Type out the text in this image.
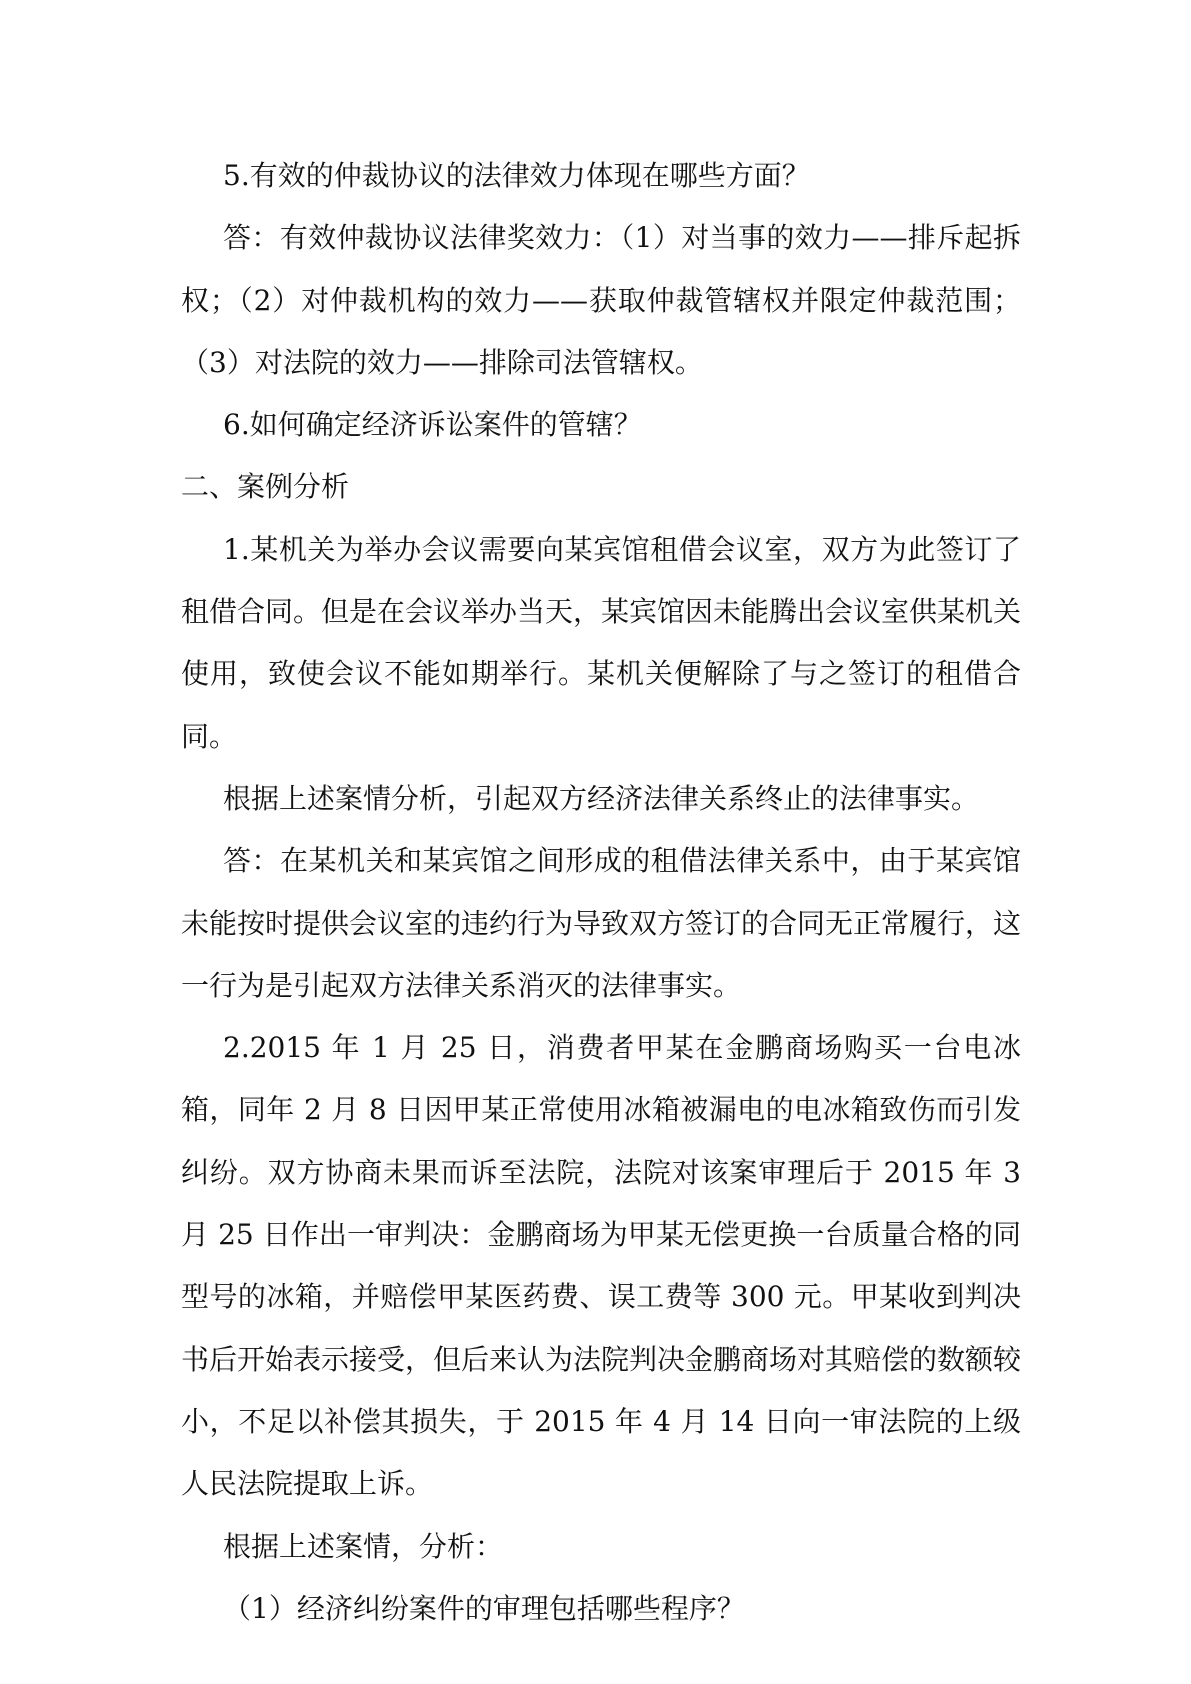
5.有效的仲裁协议的法律效力体现在哪些方面？

答：有效仲裁协议法律奖效力：（1）对当事的效力——排斥起拆权；（2）对仲裁机构的效力——获取仲裁管辖权并限定仲裁范围；（3）对法院的效力——排除司法管辖权。

6.如何确定经济诉讼案件的管辖？

二、案例分析

1.某机关为举办会议需要向某宾馆租借会议室，双方为此签订了租借合同。但是在会议举办当天，某宾馆因未能腾出会议室供某机关使用，致使会议不能如期举行。某机关便解除了与之签订的租借合同。

根据上述案情分析，引起双方经济法律关系终止的法律事实。

答：在某机关和某宾馆之间形成的租借法律关系中，由于某宾馆未能按时提供会议室的违约行为导致双方签订的合同无正常履行，这一行为是引起双方法律关系消灭的法律事实。

2.2015 年 1 月 25 日，消费者甲某在金鹏商场购买一台电冰箱，同年 2 月 8 日因甲某正常使用冰箱被漏电的电冰箱致伤而引发纠纷。双方协商未果而诉至法院，法院对该案审理后于 2015 年 3 月 25 日作出一审判决：金鹏商场为甲某无偿更换一台质量合格的同型号的冰箱，并赔偿甲某医药费、误工费等 300 元。甲某收到判决书后开始表示接受，但后来认为法院判决金鹏商场对其赔偿的数额较小，不足以补偿其损失，于 2015 年 4 月 14 日向一审法院的上级人民法院提取上诉。

根据上述案情，分析：

（1）经济纠纷案件的审理包括哪些程序？
